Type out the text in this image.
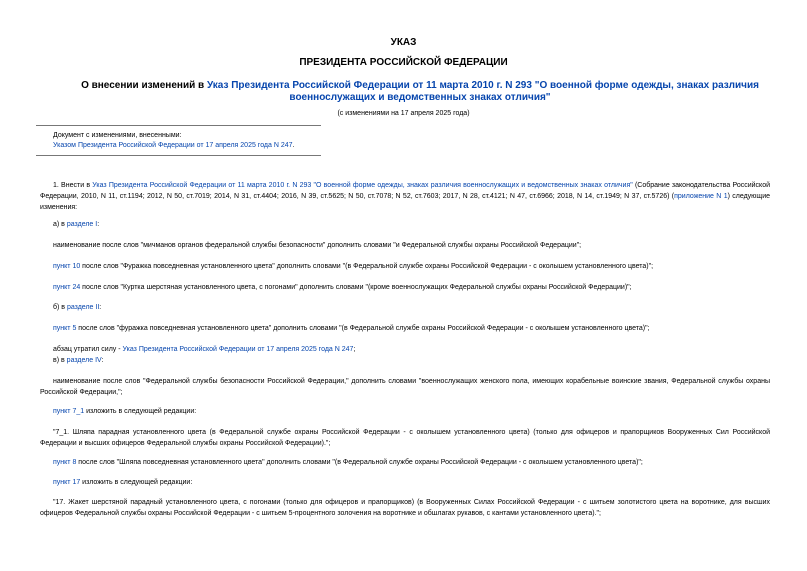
УКАЗ
ПРЕЗИДЕНТА РОССИЙСКОЙ ФЕДЕРАЦИИ
О внесении изменений в Указ Президента Российской Федерации от 11 марта 2010 г. N 293 "О военной форме одежды, знаках различия военнослужащих и ведомственных знаках отличия"
(с изменениями на 17 апреля 2025 года)
Документ с изменениями, внесенными:
Указом Президента Российской Федерации от 17 апреля 2025 года N 247.
1. Внести в Указ Президента Российской Федерации от 11 марта 2010 г. N 293 "О военной форме одежды, знаках различия военнослужащих и ведомственных знаках отличия" (Собрание законодательства Российской Федерации, 2010, N 11, ст.1194; 2012, N 50, ст.7019; 2014, N 31, ст.4404; 2016, N 39, ст.5625; N 50, ст.7078; N 52, ст.7603; 2017, N 28, ст.4121; N 47, ст.6966; 2018, N 14, ст.1949; N 37, ст.5726) (приложение N 1) следующие изменения:
а) в разделе I:
наименование после слов "мичманов органов федеральной службы безопасности" дополнить словами "и Федеральной службы охраны Российской Федерации";
пункт 10 после слов "Фуражка повседневная установленного цвета" дополнить словами "(в Федеральной службе охраны Российской Федерации - с околышем установленного цвета)";
пункт 24 после слов "Куртка шерстяная установленного цвета, с погонами" дополнить словами "(кроме военнослужащих Федеральной службы охраны Российской Федерации)";
б) в разделе II:
пункт 5 после слов "фуражка повседневная установленного цвета" дополнить словами "(в Федеральной службе охраны Российской Федерации - с околышем установленного цвета)";
абзац утратил силу - Указ Президента Российской Федерации от 17 апреля 2025 года N 247;
в) в разделе IV:
наименование после слов "Федеральной службы безопасности Российской Федерации," дополнить словами "военнослужащих женского пола, имеющих корабельные воинские звания, Федеральной службы охраны Российской Федерации,";
пункт 7_1 изложить в следующей редакции:
"7_1. Шляпа парадная установленного цвета (в Федеральной службе охраны Российской Федерации - с околышем установленного цвета) (только для офицеров и прапорщиков Вооруженных Сил Российской Федерации и высших офицеров Федеральной службы охраны Российской Федерации).";
пункт 8 после слов "Шляпа повседневная установленного цвета" дополнить словами "(в Федеральной службе охраны Российской Федерации - с околышем установленного цвета)";
пункт 17 изложить в следующей редакции:
"17. Жакет шерстяной парадный установленного цвета, с погонами (только для офицеров и прапорщиков) (в Вооруженных Силах Российской Федерации - с шитьем золотистого цвета на воротнике, для высших офицеров Федеральной службы охраны Российской Федерации - с шитьем 5-процентного золочения на воротнике и обшлагах рукавов, с кантами установленного цвета).";
